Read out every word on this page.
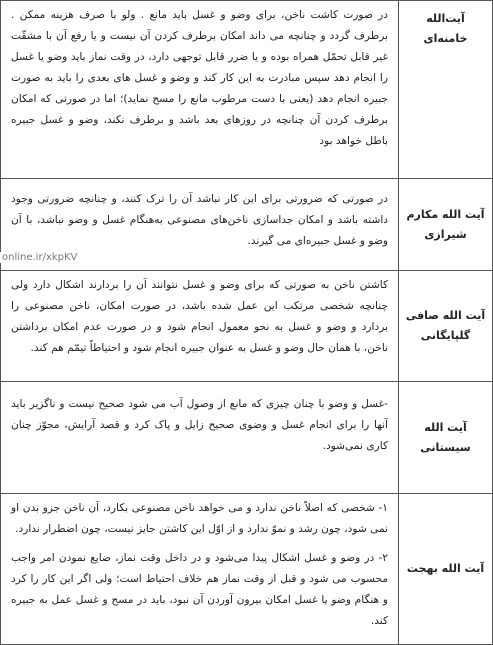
آیت‌الله خامنه‌ای

در صورت کاشت ناخن، برای وضو و غسل باید مانع . ولو با صرف هزینه ممکن . برطرف گردد و چنانچه می داند امکان برطرف کردن آن نیست و یا رفع آن با مشقّت غیر قابل تحمّل همراه بوده و یا ضرر قابل توجهی دارد، در وقت نماز باید وضو یا غسل را انجام دهد سپس مبادرت به این کار کند و وضو و غسل های بعدی را باید به صورت جبیره انجام دهد (یعنی با دست مرطوب مانع را مسح نماید)؛ اما در صورتی که امکان برطرف کردن آن چنانچه در روزهای بعد باشد و برطرف نکند، وضو و غسل جبیره باطل خواهد بود

آیت الله مکارم شیرازی

در صورتی که ضرورتی برای این کار نباشد آن را ترک کنند، و چنانچه ضرورتی وجود داشته باشد و امکان جداسازی ناخن‌های مصنوعی به‌هنگام غسل و وضو نباشد، با آن وضو و غسل جبیره‌ای می گیرند.

آیت الله صافی گلپایگانی

کاشتن ناخن به صورتی که برای وضو و غسل نتوانند آن را بردارند اشکال دارد ولی چنانچه شخصی مرتکب این عمل شده باشد، در صورت امکان، ناخن مصنوعی را بردارد و وضو و غسل به نحو معمول انجام شود و در صورت عدم امکان برداشتن ناخن، با همان حال وضو و غسل به عنوان جبیره انجام شود و احتیاطاً تیمّم هم کند.

آیت الله سیستانی

-غسل و وضو با چنان چیزی که مانع از وصول آب می شود صحیح نیست و ناگزیر باید آنها را برای انجام غسل و وضوی صحیح زایل و پاک کرد و قصد آرایش، مجوّز چنان کاری نمی‌شود.

آیت الله بهجت

۱- شخصی که اصلاً ناخن ندارد و می خواهد ناخن مصنوعی بکارد، آن ناخن جزو بدن او نمی شود، چون رشد و نموّ ندارد و از اوّل این کاشتن جایز نیست، چون اضطرار ندارد.

۲- در وضو و غسل اشکال پیدا می‌شود و در داخل وقت نماز، ضایع نمودن امر واجب محسوب می شود و قبل از وقت نماز هم خلاف احتیاط است؛ ولی اگر این کار را کرد و هنگام وضو یا غسل امکان بیرون آوردن آن نبود، باید در مسح و غسل عمل به جبیره کند.

online.ir/xkpKV
